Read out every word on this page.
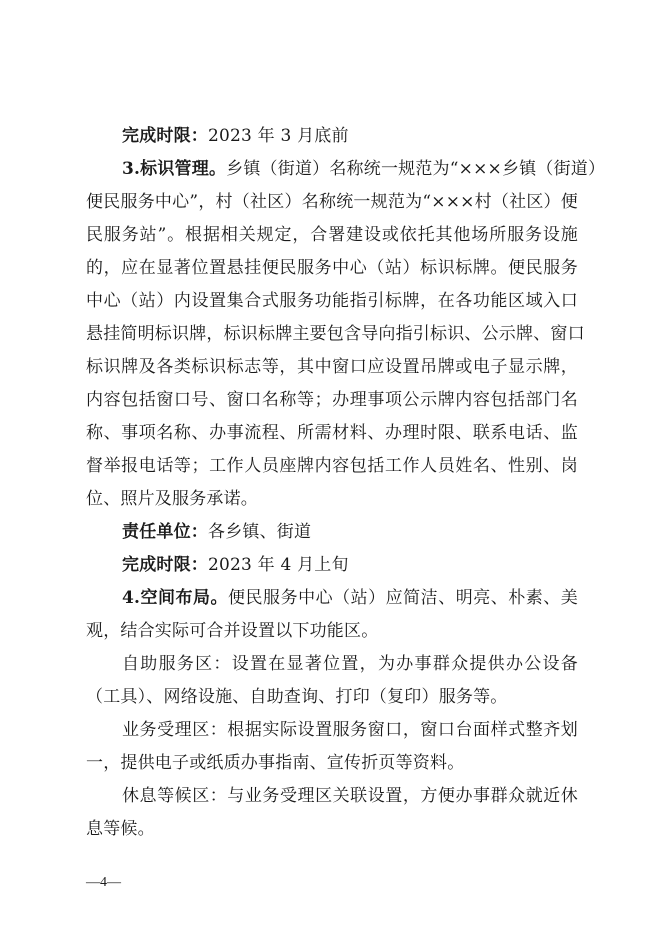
完成时限：2023 年 3 月底前
3.标识管理。乡镇（街道）名称统一规范为“×××乡镇（街道）
便民服务中心”，村（社区）名称统一规范为“×××村（社区）便
民服务站”。根据相关规定，合署建设或依托其他场所服务设施
的，应在显著位置悬挂便民服务中心（站）标识标牌。便民服务
中心（站）内设置集合式服务功能指引标牌，在各功能区域入口
悬挂简明标识牌，标识标牌主要包含导向指引标识、公示牌、窗口
标识牌及各类标识标志等，其中窗口应设置吊牌或电子显示牌，
内容包括窗口号、窗口名称等；办理事项公示牌内容包括部门名
称、事项名称、办事流程、所需材料、办理时限、联系电话、监
督举报电话等；工作人员座牌内容包括工作人员姓名、性别、岗
位、照片及服务承诺。
责任单位：各乡镇、街道
完成时限：2023 年 4 月上旬
4.空间布局。便民服务中心（站）应简洁、明亮、朴素、美
观，结合实际可合并设置以下功能区。
自助服务区：设置在显著位置，为办事群众提供办公设备
（工具）、网络设施、自助查询、打印（复印）服务等。
业务受理区：根据实际设置服务窗口，窗口台面样式整齐划
一，提供电子或纸质办事指南、宣传折页等资料。
休息等候区：与业务受理区关联设置，方便办事群众就近休
息等候。
—4—
